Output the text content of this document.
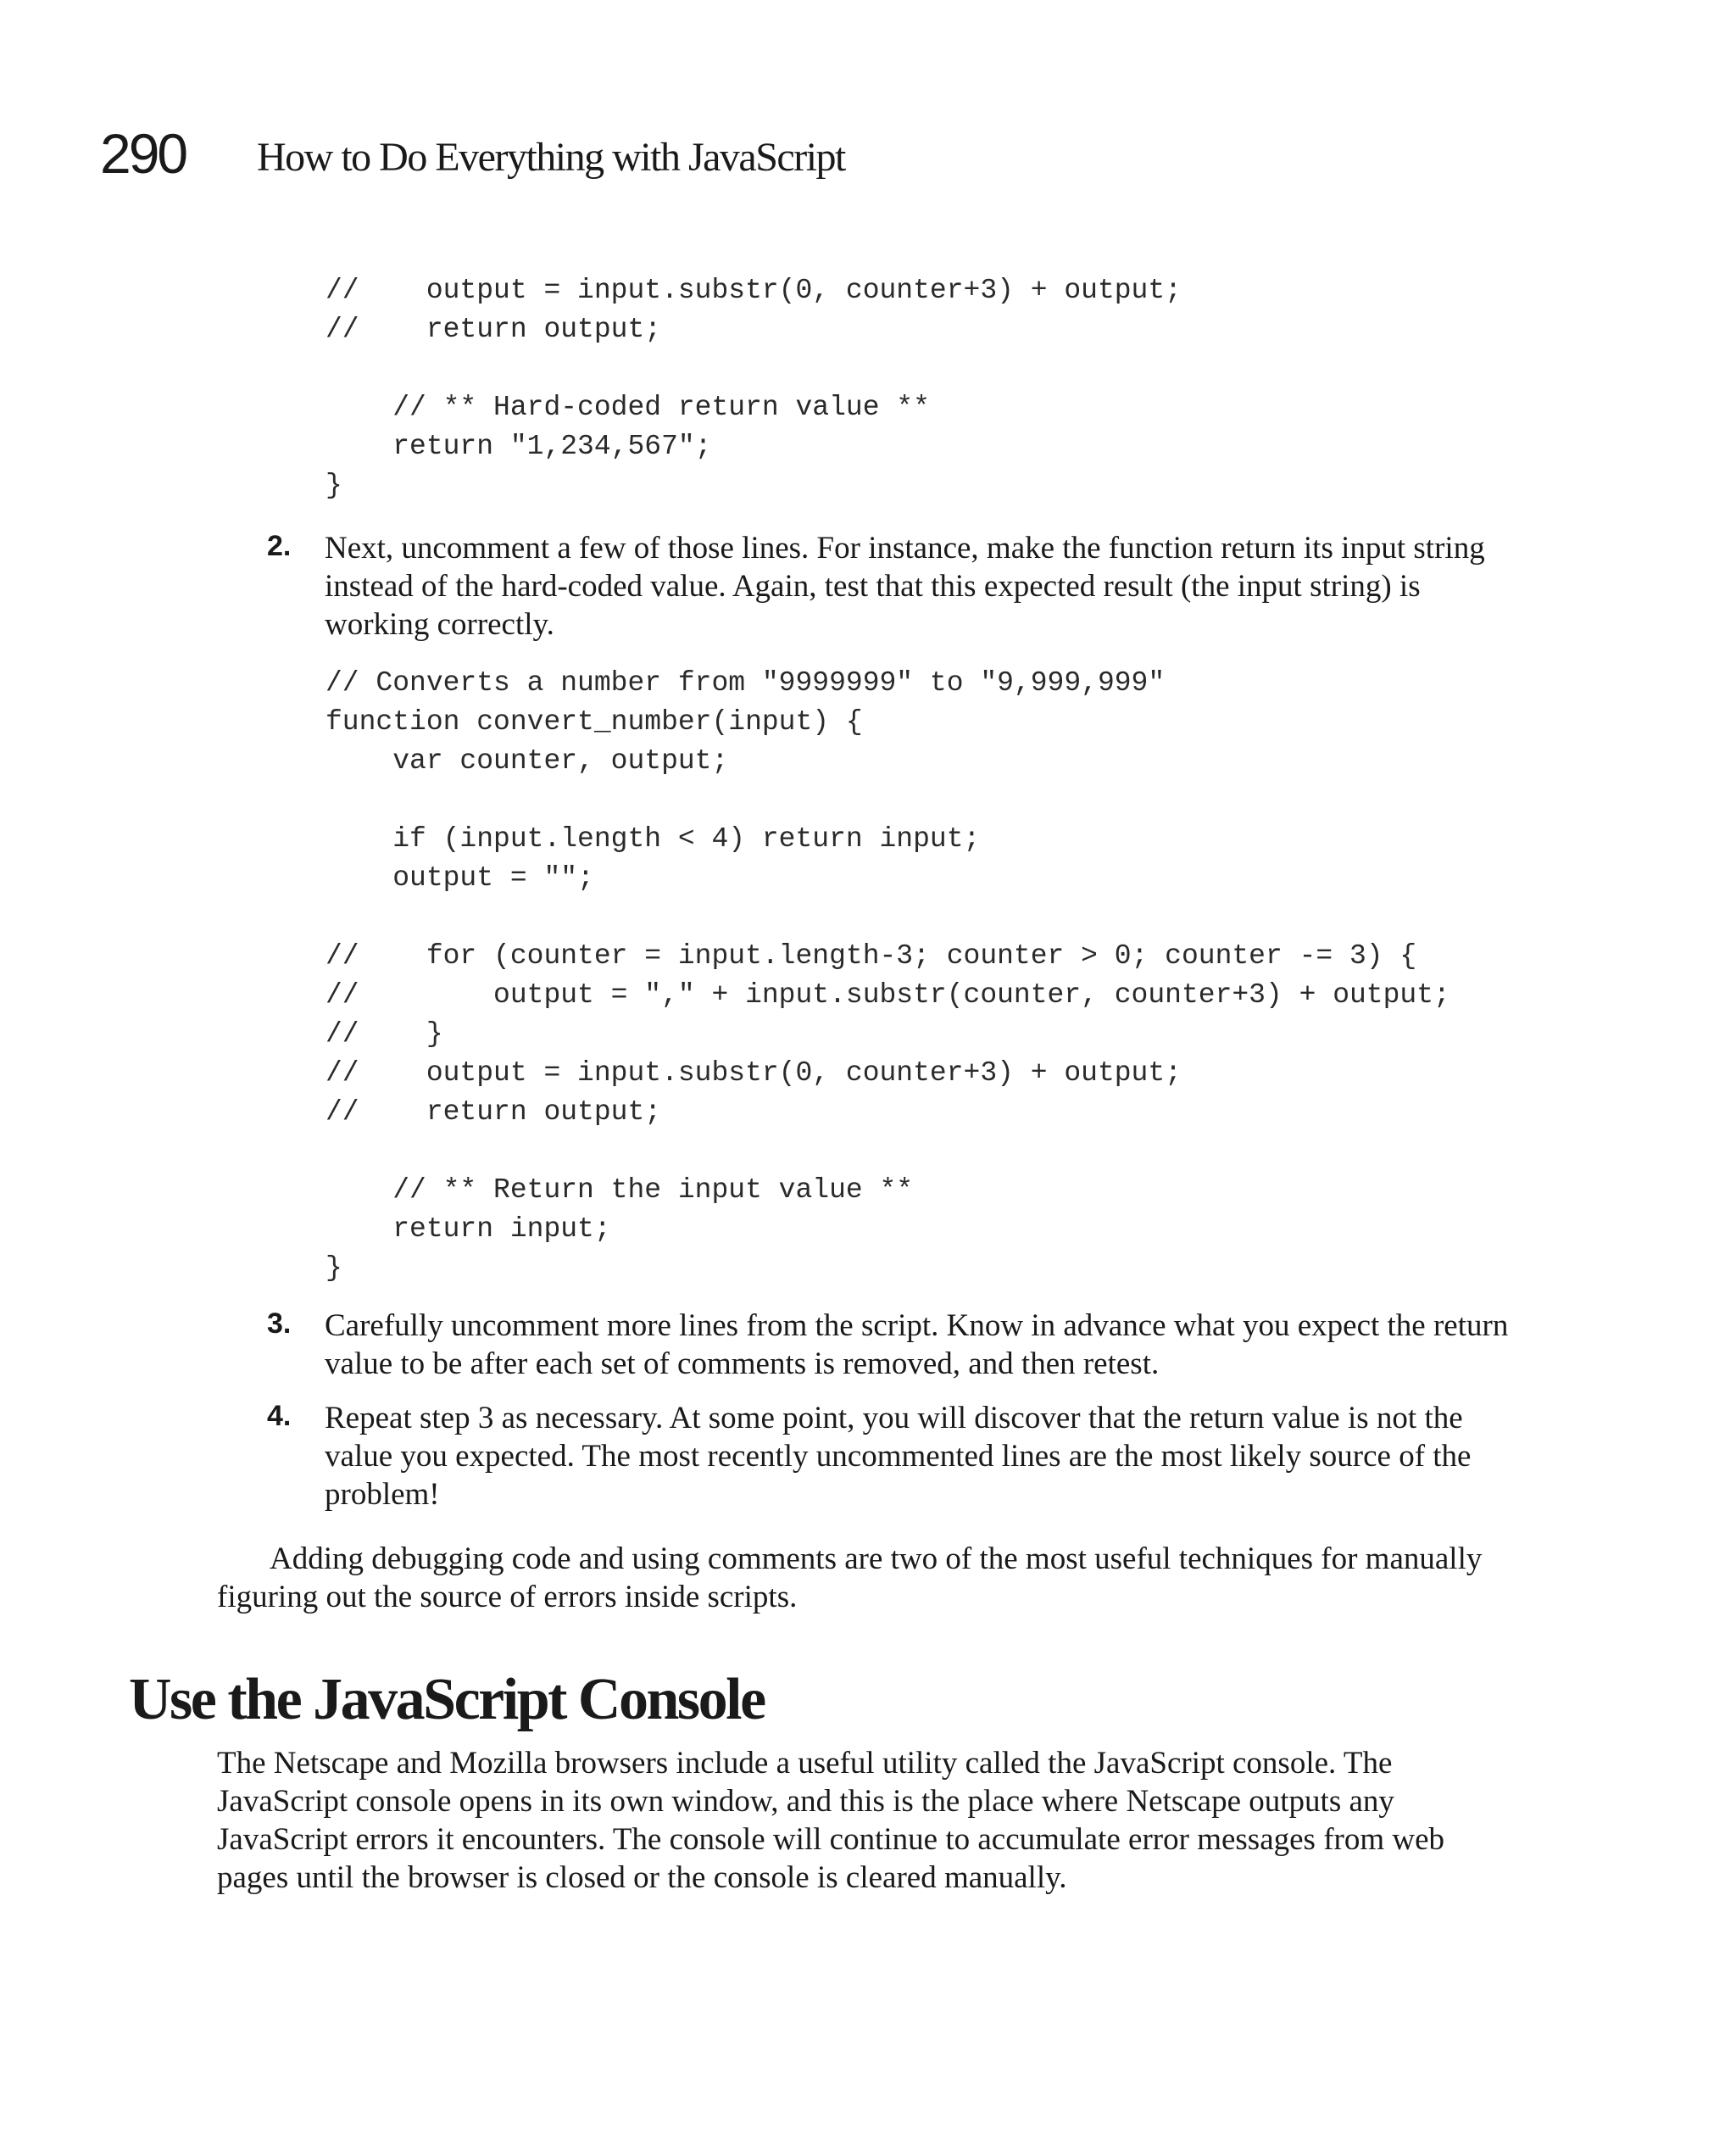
290 How to Do Everything with JavaScript
//    output = input.substr(0, counter+3) + output;
//    return output;

// ** Hard-coded return value **
return "1,234,567";
}
2. Next, uncomment a few of those lines. For instance, make the function return its input string instead of the hard-coded value. Again, test that this expected result (the input string) is working correctly.
// Converts a number from "9999999" to "9,999,999"
function convert_number(input) {
var counter, output;

if (input.length < 4) return input;
output = "";

//    for (counter = input.length-3; counter > 0; counter -= 3) {
//        output = "," + input.substr(counter, counter+3) + output;
//    }
//    output = input.substr(0, counter+3) + output;
//    return output;

// ** Return the input value **
return input;
}
3. Carefully uncomment more lines from the script. Know in advance what you expect the return value to be after each set of comments is removed, and then retest.
4. Repeat step 3 as necessary. At some point, you will discover that the return value is not the value you expected. The most recently uncommented lines are the most likely source of the problem!

Adding debugging code and using comments are two of the most useful techniques for manually figuring out the source of errors inside scripts.

Use the JavaScript Console

The Netscape and Mozilla browsers include a useful utility called the JavaScript console. The JavaScript console opens in its own window, and this is the place where Netscape outputs any JavaScript errors it encounters. The console will continue to accumulate error messages from web pages until the browser is closed or the console is cleared manually.
